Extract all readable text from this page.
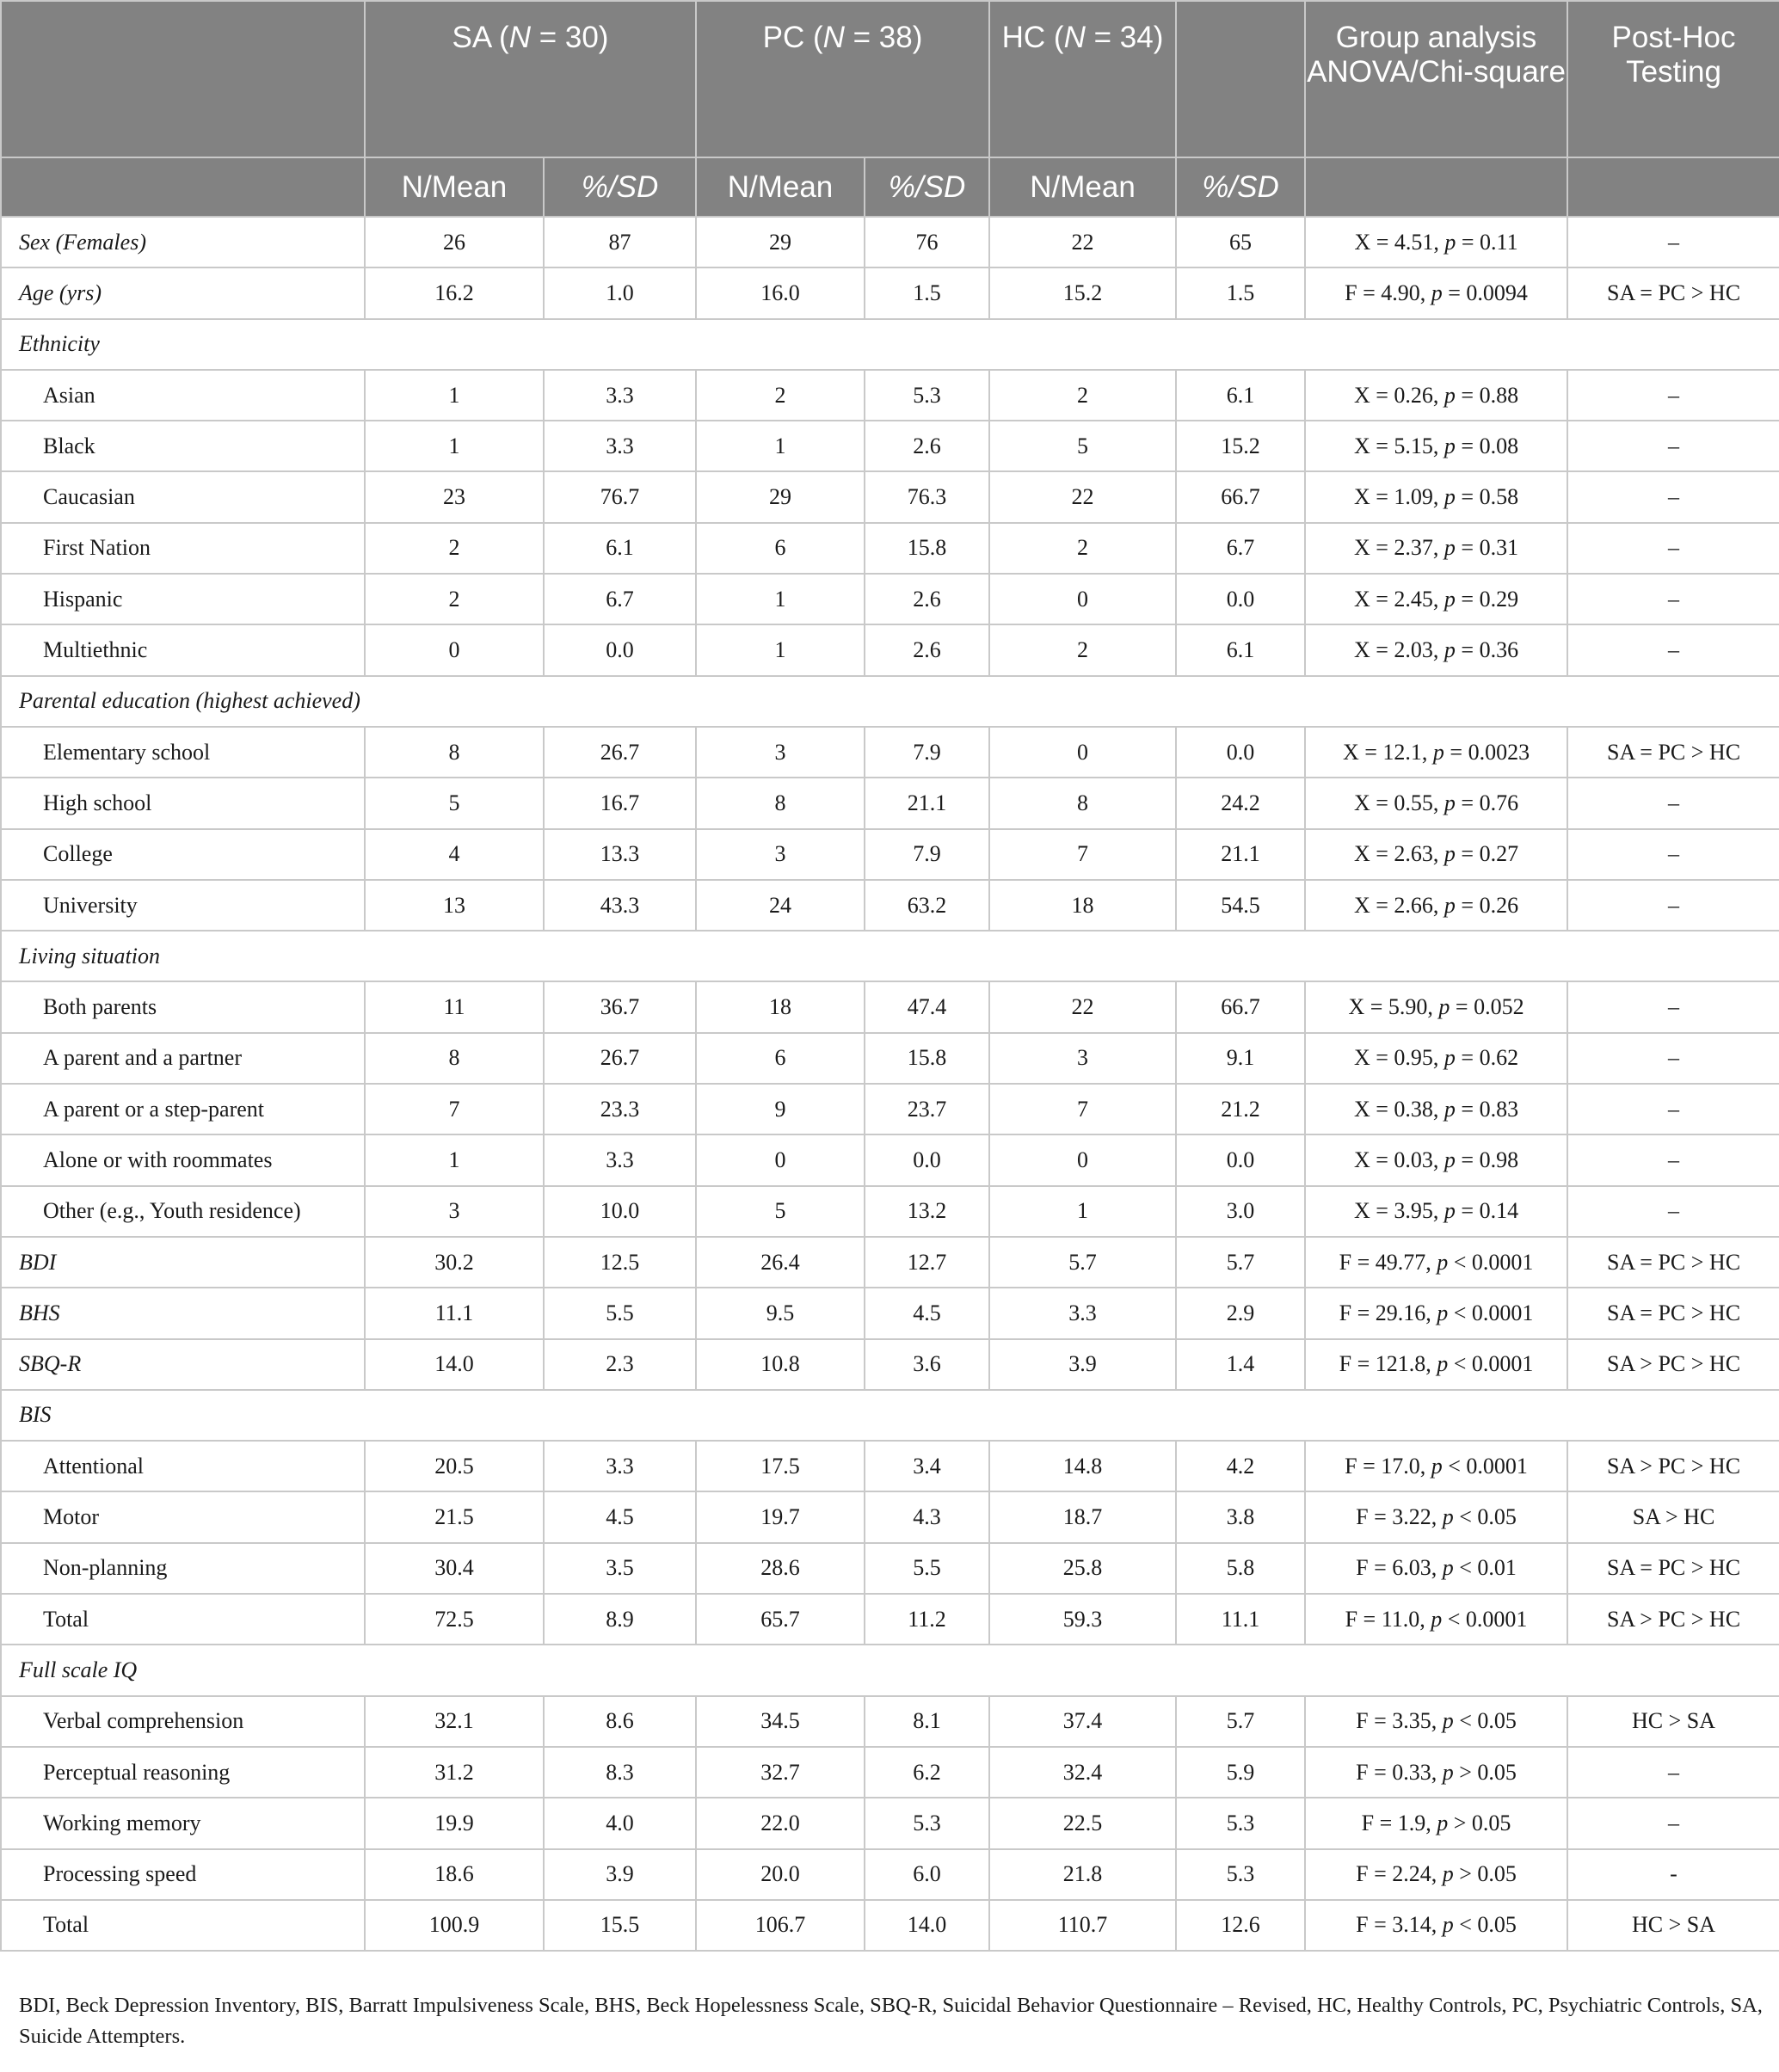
	SA (N = 30)		PC (N = 38)		HC (N = 34)		Group analysis ANOVA/Chi-square	Post-Hoc Testing
	N/Mean	%/SD	N/Mean	%/SD	N/Mean	%/SD		
Sex (Females)	26	87	29	76	22	65	X = 4.51, p = 0.11	–
Age (yrs)	16.2	1.0	16.0	1.5	15.2	1.5	F = 4.90, p = 0.0094	SA = PC > HC
Ethnicity								
Asian	1	3.3	2	5.3	2	6.1	X = 0.26, p = 0.88	–
Black	1	3.3	1	2.6	5	15.2	X = 5.15, p = 0.08	–
Caucasian	23	76.7	29	76.3	22	66.7	X = 1.09, p = 0.58	–
First Nation	2	6.1	6	15.8	2	6.7	X = 2.37, p = 0.31	–
Hispanic	2	6.7	1	2.6	0	0.0	X = 2.45, p = 0.29	–
Multiethnic	0	0.0	1	2.6	2	6.1	X = 2.03, p = 0.36	–
Parental education (highest achieved)								
Elementary school	8	26.7	3	7.9	0	0.0	X = 12.1, p = 0.0023	SA = PC > HC
High school	5	16.7	8	21.1	8	24.2	X = 0.55, p = 0.76	–
College	4	13.3	3	7.9	7	21.1	X = 2.63, p = 0.27	–
University	13	43.3	24	63.2	18	54.5	X = 2.66, p = 0.26	–
Living situation								
Both parents	11	36.7	18	47.4	22	66.7	X = 5.90, p = 0.052	–
A parent and a partner	8	26.7	6	15.8	3	9.1	X = 0.95, p = 0.62	–
A parent or a step-parent	7	23.3	9	23.7	7	21.2	X = 0.38, p = 0.83	–
Alone or with roommates	1	3.3	0	0.0	0	0.0	X = 0.03, p = 0.98	–
Other (e.g., Youth residence)	3	10.0	5	13.2	1	3.0	X = 3.95, p = 0.14	–
BDI	30.2	12.5	26.4	12.7	5.7	5.7	F = 49.77, p < 0.0001	SA = PC > HC
BHS	11.1	5.5	9.5	4.5	3.3	2.9	F = 29.16, p < 0.0001	SA = PC > HC
SBQ-R	14.0	2.3	10.8	3.6	3.9	1.4	F = 121.8, p < 0.0001	SA > PC > HC
BIS								
Attentional	20.5	3.3	17.5	3.4	14.8	4.2	F = 17.0, p < 0.0001	SA > PC > HC
Motor	21.5	4.5	19.7	4.3	18.7	3.8	F = 3.22, p < 0.05	SA > HC
Non-planning	30.4	3.5	28.6	5.5	25.8	5.8	F = 6.03, p < 0.01	SA = PC > HC
Total	72.5	8.9	65.7	11.2	59.3	11.1	F = 11.0, p < 0.0001	SA > PC > HC
Full scale IQ								
Verbal comprehension	32.1	8.6	34.5	8.1	37.4	5.7	F = 3.35, p < 0.05	HC > SA
Perceptual reasoning	31.2	8.3	32.7	6.2	32.4	5.9	F = 0.33, p > 0.05	–
Working memory	19.9	4.0	22.0	5.3	22.5	5.3	F = 1.9, p > 0.05	–
Processing speed	18.6	3.9	20.0	6.0	21.8	5.3	F = 2.24, p > 0.05	-
Total	100.9	15.5	106.7	14.0	110.7	12.6	F = 3.14, p < 0.05	HC > SA

BDI, Beck Depression Inventory, BIS, Barratt Impulsiveness Scale, BHS, Beck Hopelessness Scale, SBQ-R, Suicidal Behavior Questionnaire – Revised, HC, Healthy Controls, PC, Psychiatric Controls, SA, Suicide Attempters.
